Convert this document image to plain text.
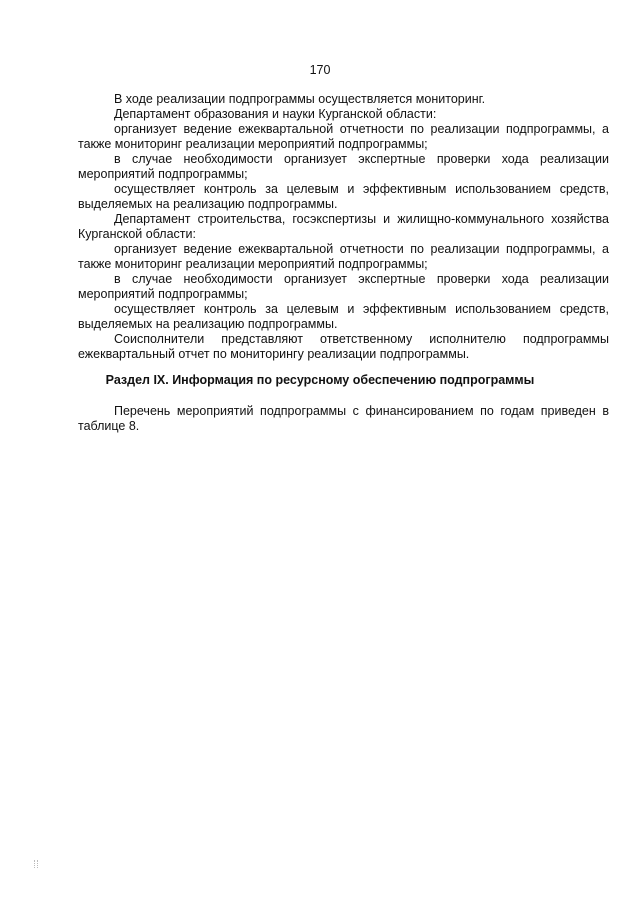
170
В ходе реализации подпрограммы осуществляется мониторинг.
Департамент образования и науки Курганской области:
организует ведение ежеквартальной отчетности по реализации подпрограммы, а
также мониторинг реализации мероприятий подпрограммы;
в случае необходимости организует экспертные проверки хода реализации
мероприятий подпрограммы;
осуществляет контроль за целевым и эффективным использованием средств,
выделяемых на реализацию подпрограммы.
Департамент строительства, госэкспертизы и жилищно-коммунального хозяйства
Курганской области:
организует ведение ежеквартальной отчетности по реализации подпрограммы, а
также мониторинг реализации мероприятий подпрограммы;
в случае необходимости организует экспертные проверки хода реализации
мероприятий подпрограммы;
осуществляет контроль за целевым и эффективным использованием средств,
выделяемых на реализацию подпрограммы.
Соисполнители представляют ответственному исполнителю подпрограммы
ежеквартальный отчет по мониторингу реализации подпрограммы.
Раздел IX. Информация по ресурсному обеспечению подпрограммы
Перечень мероприятий подпрограммы с финансированием по годам приведен в
таблице 8.
